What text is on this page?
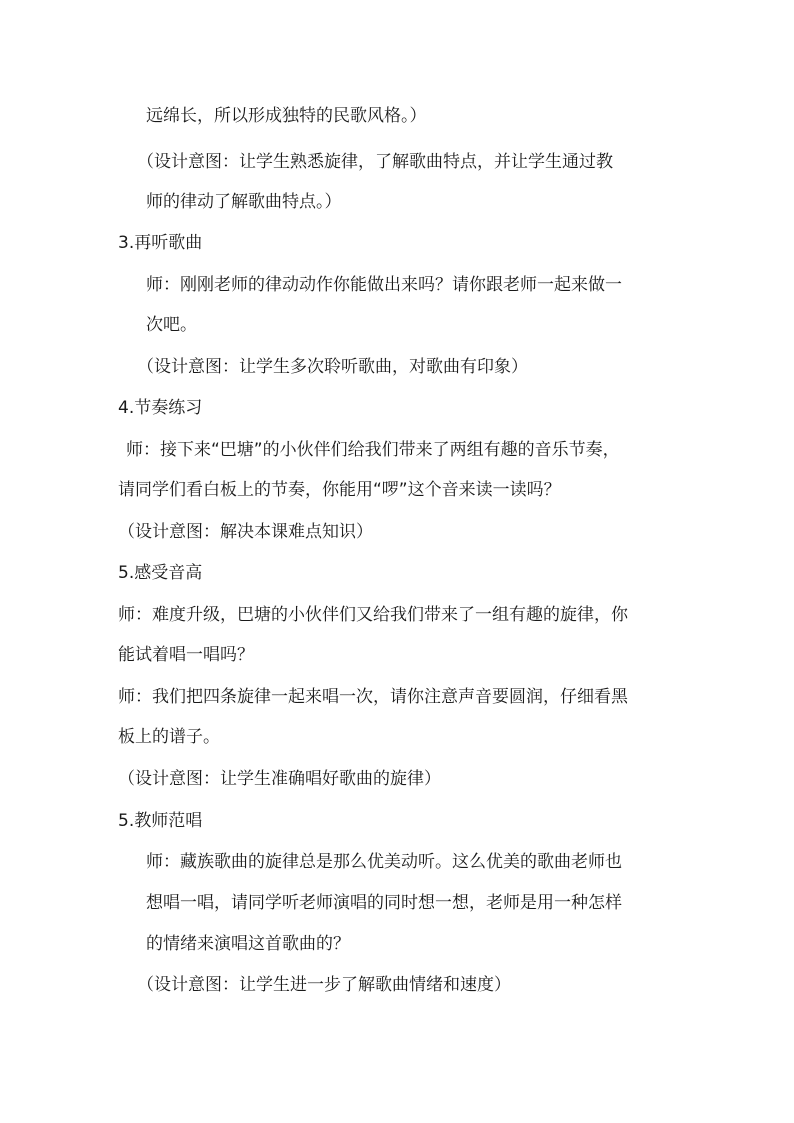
远绵长，所以形成独特的民歌风格。）
（设计意图：让学生熟悉旋律，了解歌曲特点，并让学生通过教
师的律动了解歌曲特点。）
3.再听歌曲
师：刚刚老师的律动动作你能做出来吗？请你跟老师一起来做一
次吧。
（设计意图：让学生多次聆听歌曲，对歌曲有印象）
4.节奏练习
师：接下来“巴塘”的小伙伴们给我们带来了两组有趣的音乐节奏，
请同学们看白板上的节奏，你能用“啰”这个音来读一读吗？
（设计意图：解决本课难点知识）
5.感受音高
师：难度升级，巴塘的小伙伴们又给我们带来了一组有趣的旋律，你
能试着唱一唱吗？
师：我们把四条旋律一起来唱一次，请你注意声音要圆润，仔细看黑
板上的谱子。
（设计意图：让学生准确唱好歌曲的旋律）
5.教师范唱
师：藏族歌曲的旋律总是那么优美动听。这么优美的歌曲老师也
想唱一唱，请同学听老师演唱的同时想一想，老师是用一种怎样
的情绪来演唱这首歌曲的？
（设计意图：让学生进一步了解歌曲情绪和速度）
